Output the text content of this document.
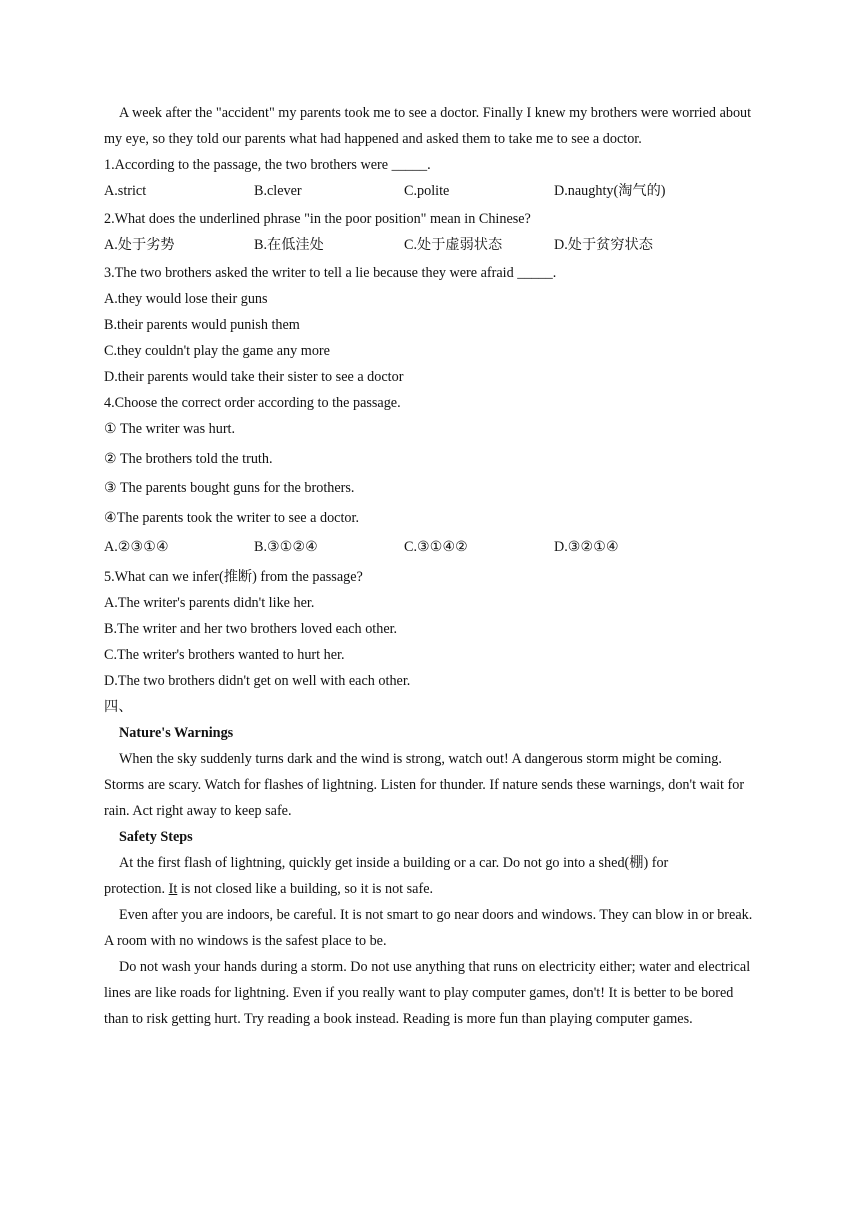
A week after the "accident" my parents took me to see a doctor. Finally I knew my brothers were worried about my eye, so they told our parents what had happened and asked them to take me to see a doctor.

1.According to the passage, the two brothers were _____.

A.strict	B.clever	C.polite	D.naughty(淘气的)

2.What does the underlined phrase "in the poor position" mean in Chinese?

A.处于劣势	B.在低洼处	C.处于虚弱状态	D.处于贫穷状态

3.The two brothers asked the writer to tell a lie because they were afraid _____.

A.they would lose their guns

B.their parents would punish them

C.they couldn't play the game any more

D.their parents would take their sister to see a doctor

4.Choose the correct order according to the passage.

① The writer was hurt.

② The brothers told the truth.

③ The parents bought guns for the brothers.

④The parents took the writer to see a doctor.

A.②③①④	B.③①②④	C.③①④②	D.③②①④

5.What can we infer(推断) from the passage?

A.The writer's parents didn't like her.

B.The writer and her two brothers loved each other.

C.The writer's brothers wanted to hurt her.

D.The two brothers didn't get on well with each other.

四、

Nature's Warnings

When the sky suddenly turns dark and the wind is strong, watch out! A dangerous storm might be coming. Storms are scary. Watch for flashes of lightning. Listen for thunder. If nature sends these warnings, don't wait for rain. Act right away to keep safe.

Safety Steps

At the first flash of lightning, quickly get inside a building or a car. Do not go into a shed(棚) for

protection. It is not closed like a building, so it is not safe.

Even after you are indoors, be careful. It is not smart to go near doors and windows. They can blow in or break. A room with no windows is the safest place to be.

Do not wash your hands during a storm. Do not use anything that runs on electricity either; water and electrical lines are like roads for lightning. Even if you really want to play computer games, don't! It is better to be bored than to risk getting hurt. Try reading a book instead. Reading is more fun than playing computer games.
